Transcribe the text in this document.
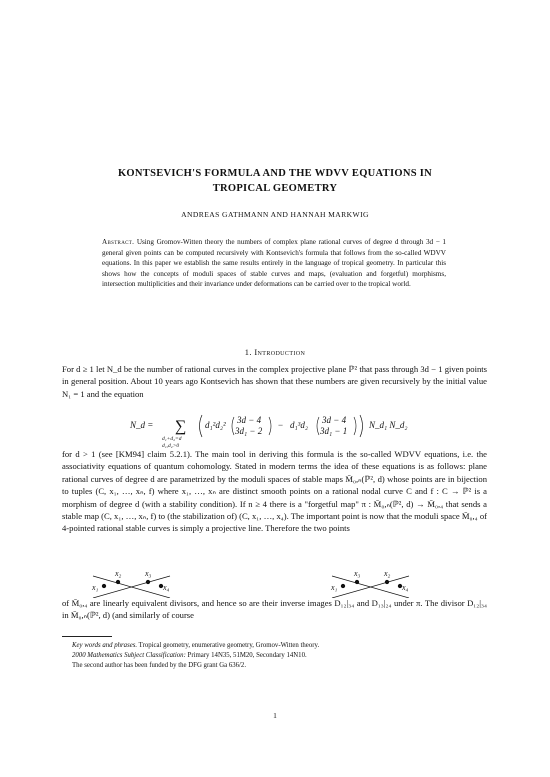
KONTSEVICH'S FORMULA AND THE WDVV EQUATIONS IN
TROPICAL GEOMETRY
ANDREAS GATHMANN AND HANNAH MARKWIG
Abstract. Using Gromov-Witten theory the numbers of complex plane rational curves of degree d through 3d − 1 general given points can be computed recursively with Kontsevich's formula that follows from the so-called WDVV equations. In this paper we establish the same results entirely in the language of tropical geometry. In particular this shows how the concepts of moduli spaces of stable curves and maps, (evaluation and forgetful) morphisms, intersection multiplicities and their invariance under deformations can be carried over to the tropical world.
1. Introduction
For d ≥ 1 let N_d be the number of rational curves in the complex projective plane ℙ² that pass through 3d − 1 given points in general position. About 10 years ago Kontsevich has shown that these numbers are given recursively by the initial value N₁ = 1 and the equation
N_d = ∑
d₁+d₂=d
d₁,d₂>0
d₁²d₂² 3d − 4
3d₁ − 2
− d₁³d₂ 3d − 4
3d₁ − 1
N_d₁ N_d₂
for d > 1 (see [KM94] claim 5.2.1). The main tool in deriving this formula is the so-called WDVV equations, i.e. the associativity equations of quantum cohomology. Stated in modern terms the idea of these equations is as follows: plane rational curves of degree d are parametrized by the moduli spaces of stable maps M̄₀,ₙ(ℙ², d) whose points are in bijection to tuples (C, x₁, …, xₙ, f) where x₁, …, xₙ are distinct smooth points on a rational nodal curve C and f : C → ℙ² is a morphism of degree d (with a stability condition). If n ≥ 4 there is a "forgetful map" π : M̄₀,ₙ(ℙ², d) → M̄₀,₄ that sends a stable map (C, x₁, …, xₙ, f) to (the stabilization of) (C, x₁, …, x₄). The important point is now that the moduli space M̄₀,₄ of 4-pointed rational stable curves is simply a projective line. Therefore the two points
x₂	x₃
x₁	x₄
x₃	x₂
x₁	x₄
of M̄₀,₄ are linearly equivalent divisors, and hence so are their inverse images D₁₂|₃₄ and D₁₃|₂₄ under π. The divisor D₁₂|₃₄ in M̄₀,ₙ(ℙ², d) (and similarly of course
Key words and phrases. Tropical geometry, enumerative geometry, Gromov-Witten theory.
2000 Mathematics Subject Classification: Primary 14N35, 51M20, Secondary 14N10.
The second author has been funded by the DFG grant Ga 636/2.
1
